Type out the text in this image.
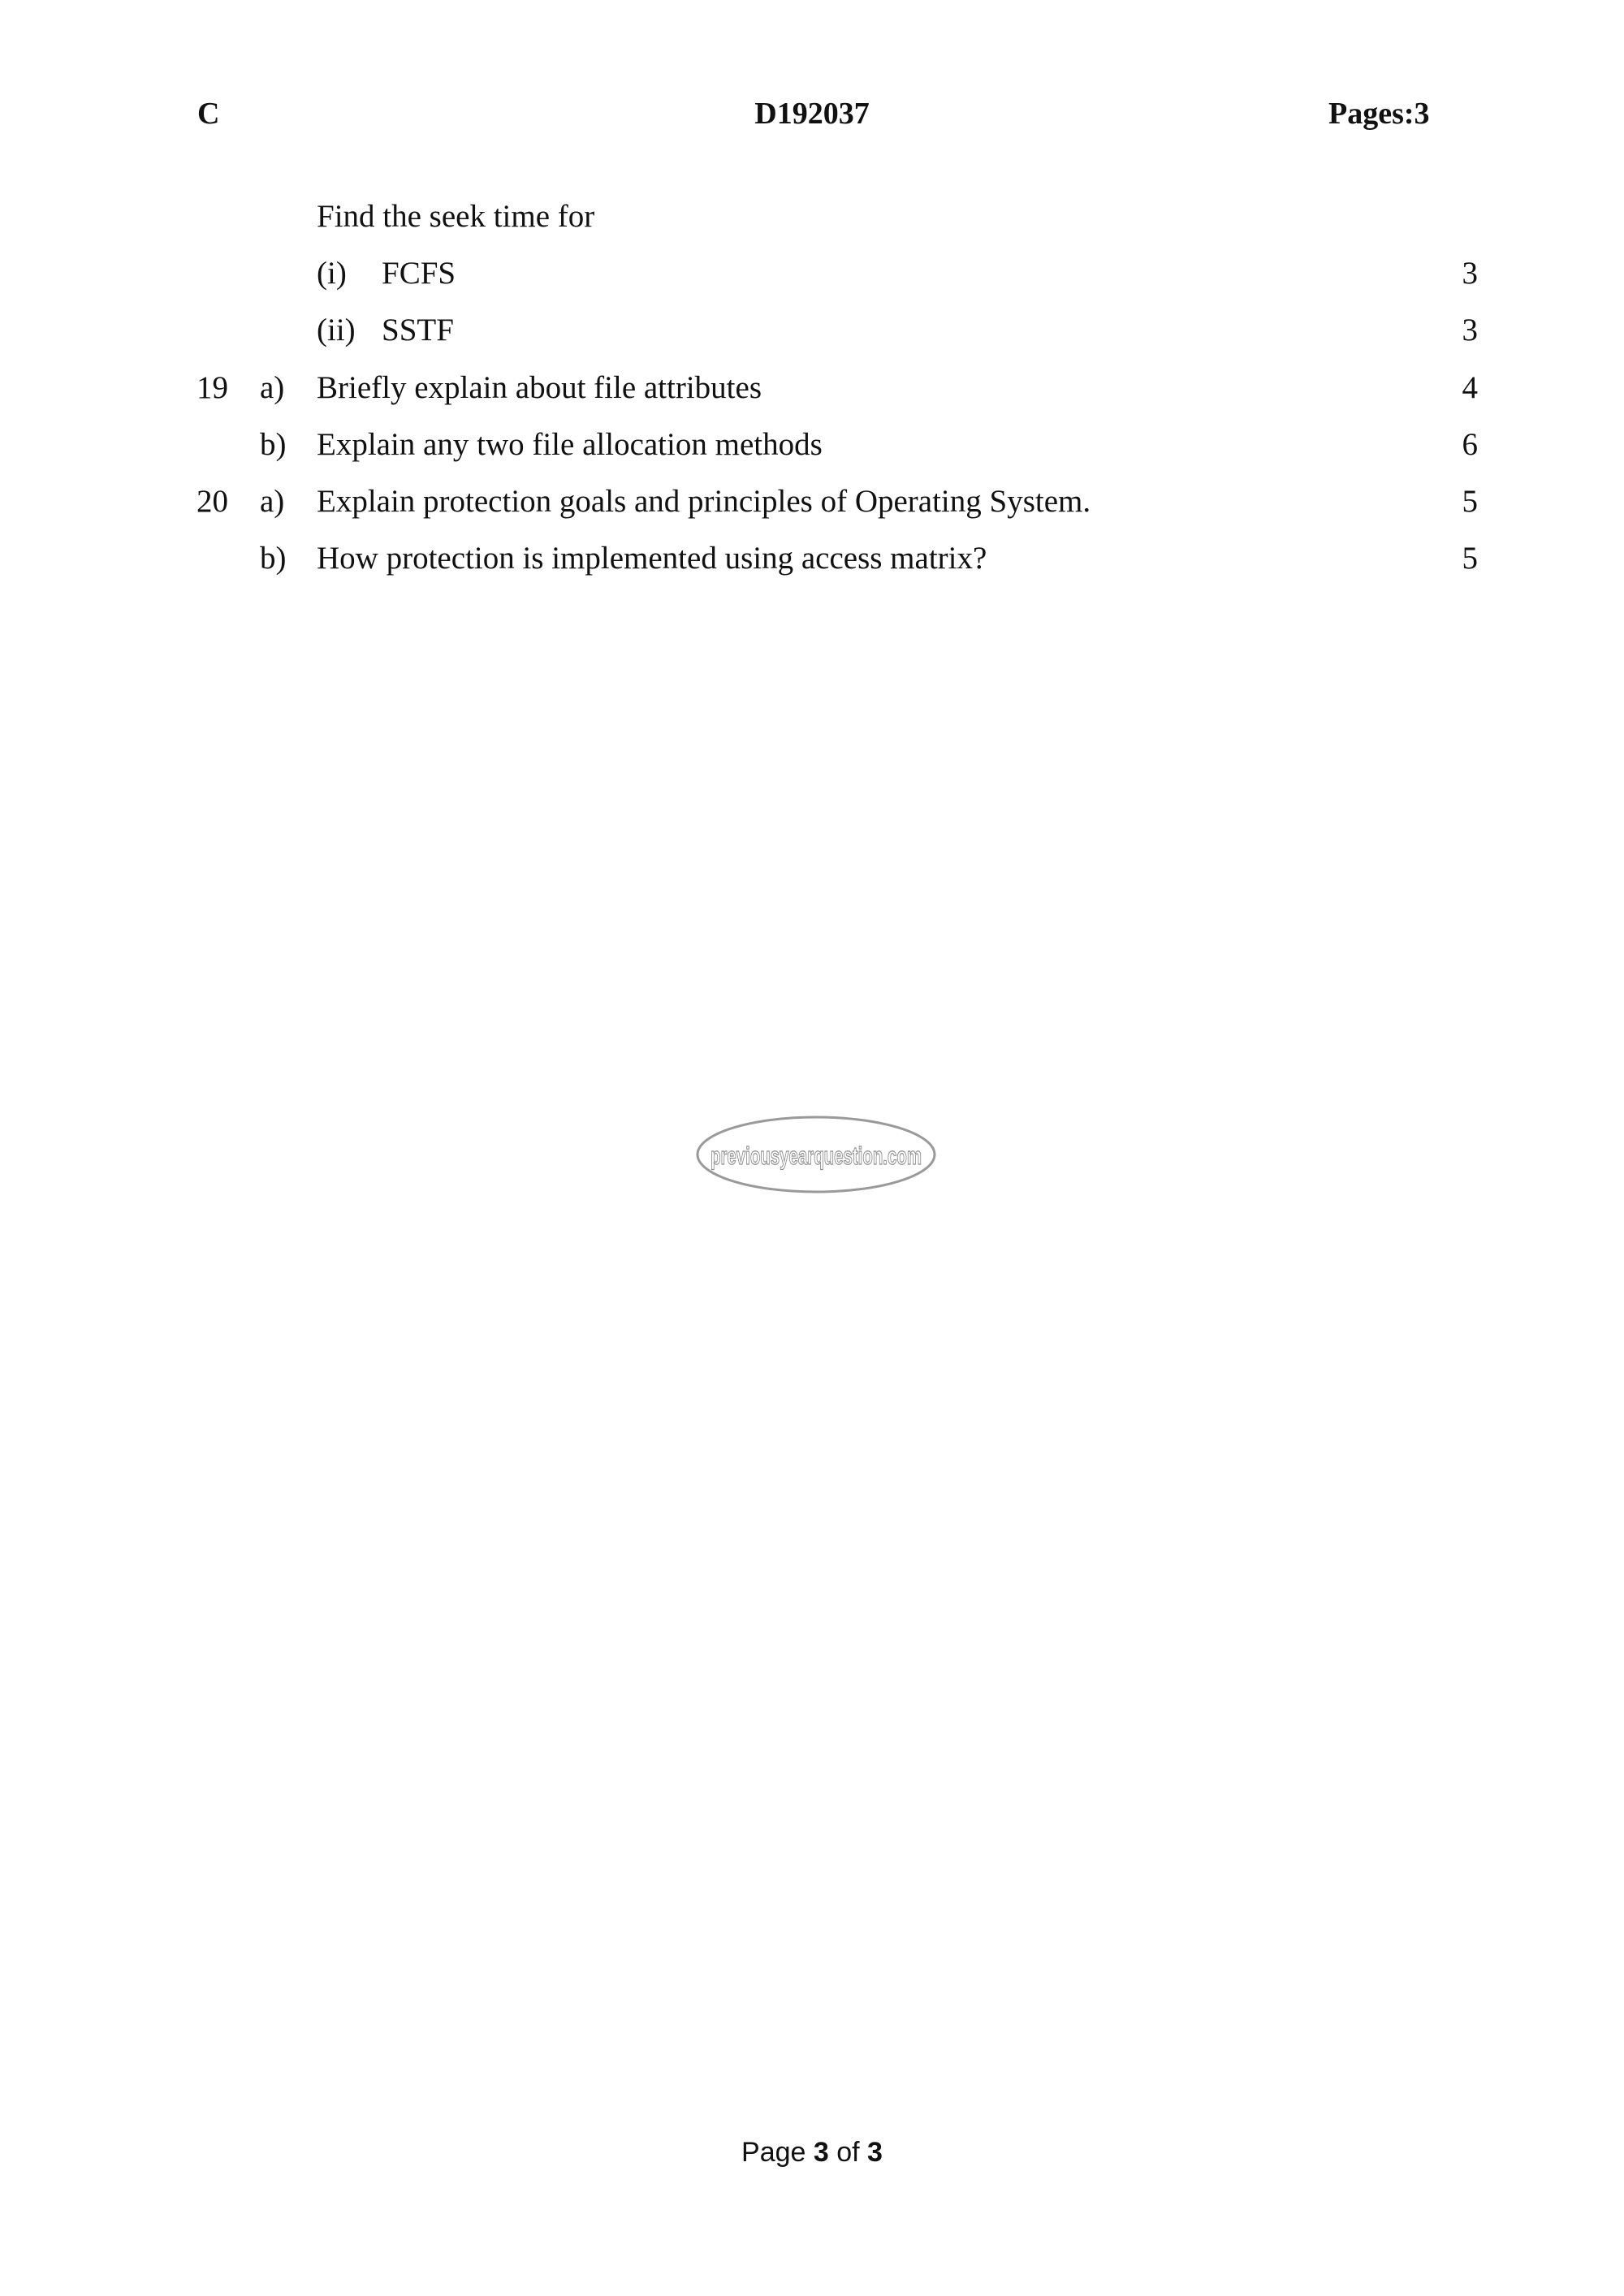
C	D192037	Pages:3
Find the seek time for
(i) FCFS	3
(ii) SSTF	3
19 a) Briefly explain about file attributes	4
b) Explain any two file allocation methods	6
20 a) Explain protection goals and principles of Operating System.	5
b) How protection is implemented using access matrix?	5
previousyearquestion.com
Page 3 of 3
